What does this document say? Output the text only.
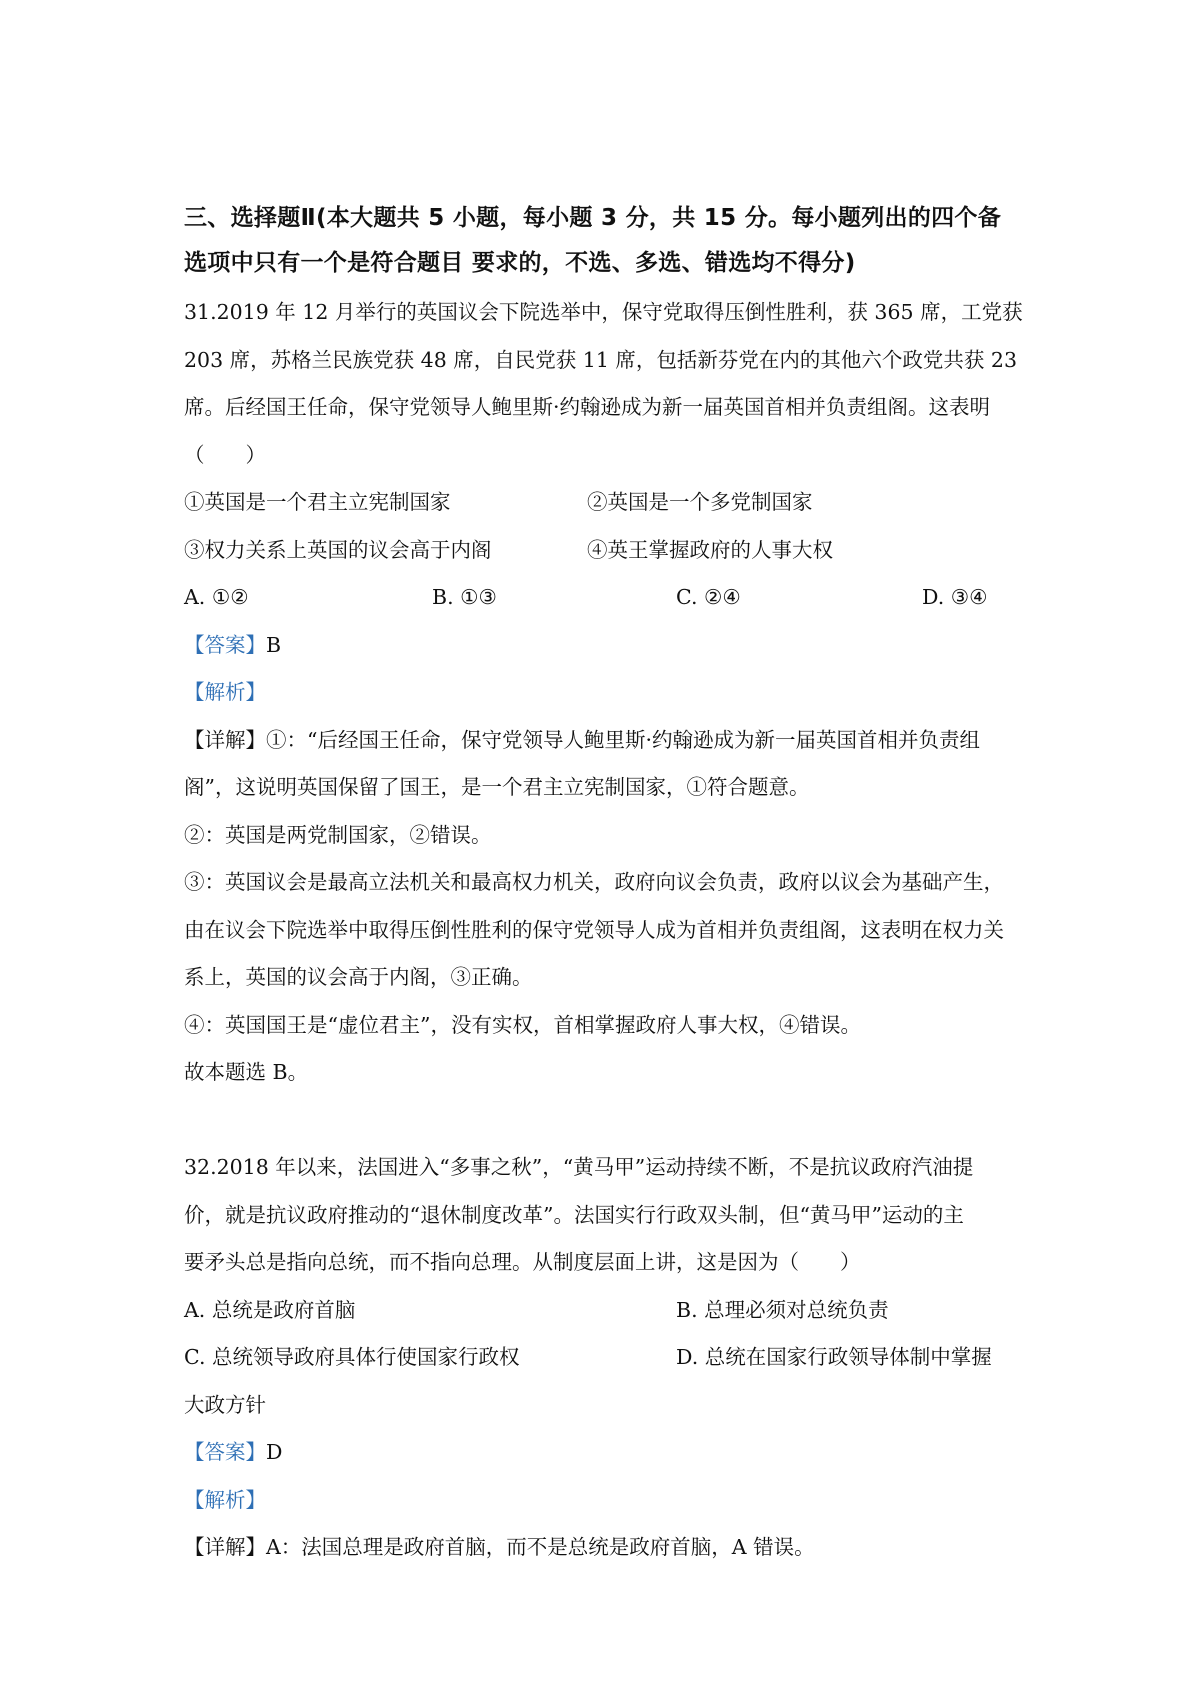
三、选择题Ⅱ(本大题共 5 小题，每小题 3 分，共 15 分。每小题列出的四个备
选项中只有一个是符合题目 要求的，不选、多选、错选均不得分)
31.2019 年 12 月举行的英国议会下院选举中，保守党取得压倒性胜利，获 365 席，工党获
203 席，苏格兰民族党获 48 席，自民党获 11 席，包括新芬党在内的其他六个政党共获 23
席。后经国王任命，保守党领导人鲍里斯·约翰逊成为新一届英国首相并负责组阁。这表明
（　　）
①英国是一个君主立宪制国家	②英国是一个多党制国家
③权力关系上英国的议会高于内阁	④英王掌握政府的人事大权
A. ①②	B. ①③	C. ②④	D. ③④
【答案】B
【解析】
【详解】①：“后经国王任命，保守党领导人鲍里斯·约翰逊成为新一届英国首相并负责组
阁”，这说明英国保留了国王，是一个君主立宪制国家，①符合题意。
②：英国是两党制国家，②错误。
③：英国议会是最高立法机关和最高权力机关，政府向议会负责，政府以议会为基础产生，
由在议会下院选举中取得压倒性胜利的保守党领导人成为首相并负责组阁，这表明在权力关
系上，英国的议会高于内阁，③正确。
④：英国国王是“虚位君主”，没有实权，首相掌握政府人事大权，④错误。
故本题选 B。
32.2018 年以来，法国进入“多事之秋”，“黄马甲”运动持续不断，不是抗议政府汽油提
价，就是抗议政府推动的“退休制度改革”。法国实行行政双头制，但“黄马甲”运动的主
要矛头总是指向总统，而不指向总理。从制度层面上讲，这是因为（　　）
A. 总统是政府首脑	B. 总理必须对总统负责
C. 总统领导政府具体行使国家行政权	D. 总统在国家行政领导体制中掌握
大政方针
【答案】D
【解析】
【详解】A：法国总理是政府首脑，而不是总统是政府首脑，A 错误。
